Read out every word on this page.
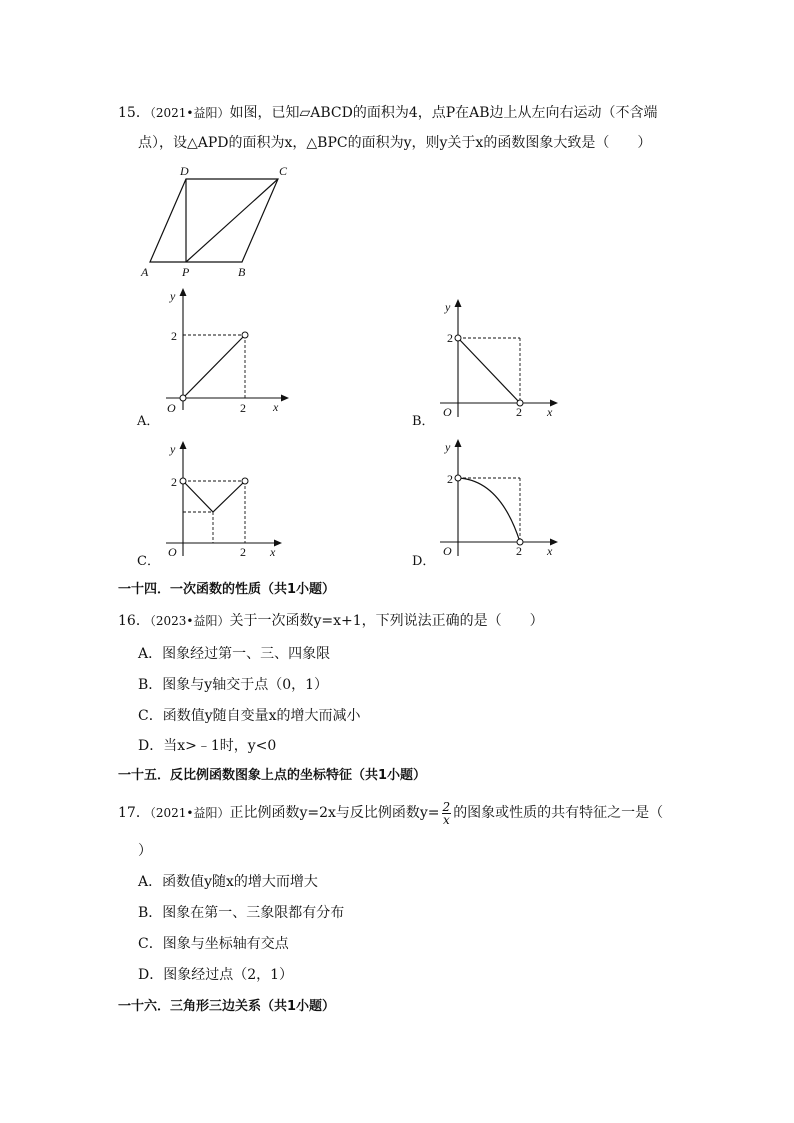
15．（2021•益阳）如图，已知▱ABCD的面积为4，点P在AB边上从左向右运动（不含端
点），设△APD的面积为x，△BPC的面积为y，则y关于x的函数图象大致是（　　）
D	C
A	P	B
A．
y
x
O
2
2
B．
y
x
O
2
2
C．
y
x
O
2
2
D．
y
x
O
2
2
一十四．一次函数的性质（共1小题）
16．（2023•益阳）关于一次函数y=x+1，下列说法正确的是（　　）
A．图象经过第一、三、四象限
B．图象与y轴交于点（0，1）
C．函数值y随自变量x的增大而减小
D．当x>﹣1时，y<0
一十五．反比例函数图象上点的坐标特征（共1小题）
17．（2021•益阳）正比例函数y=2x与反比例函数$y= \frac{2}{x}$ 的图象或性质的共有特征之一是（
）
A．函数值y随x的增大而增大
B．图象在第一、三象限都有分布
C．图象与坐标轴有交点
D．图象经过点（2，1）
一十六．三角形三边关系（共1小题）
